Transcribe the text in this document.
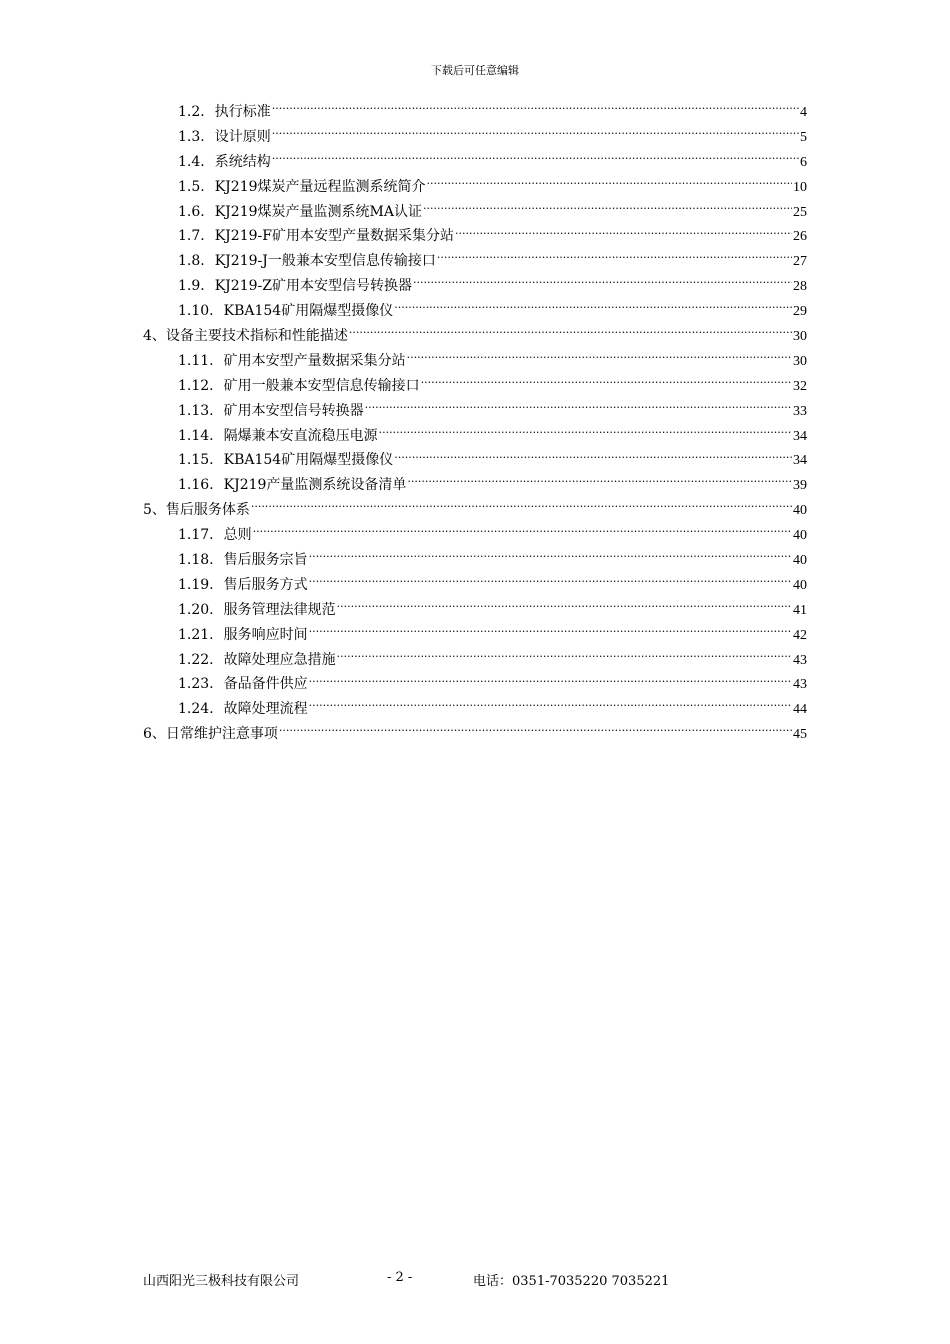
下载后可任意编辑
1.2. 执行标准 .....	4
1.3. 设计原则 .....	5
1.4. 系统结构 .....	6
1.5. KJ219煤炭产量远程监测系统简介 .....	10
1.6. KJ219煤炭产量监测系统MA认证 .....	25
1.7. KJ219-F矿用本安型产量数据采集分站 .....	26
1.8. KJ219-J一般兼本安型信息传输接口 .....	27
1.9. KJ219-Z矿用本安型信号转换器 .....	28
1.10. KBA154矿用隔爆型摄像仪 .....	29
4、 设备主要技术指标和性能描述 .....	30
1.11. 矿用本安型产量数据采集分站 .....	30
1.12. 矿用一般兼本安型信息传输接口 .....	32
1.13. 矿用本安型信号转换器 .....	33
1.14. 隔爆兼本安直流稳压电源 .....	34
1.15. KBA154矿用隔爆型摄像仪 .....	34
1.16. KJ219产量监测系统设备清单 .....	39
5、 售后服务体系 .....	40
1.17. 总则 .....	40
1.18. 售后服务宗旨 .....	40
1.19. 售后服务方式 .....	40
1.20. 服务管理法律规范 .....	41
1.21. 服务响应时间 .....	42
1.22. 故障处理应急措施 .....	43
1.23. 备品备件供应 .....	43
1.24. 故障处理流程 .....	44
6、 日常维护注意事项 .....	45
山西阳光三极科技有限公司	- 2 -	电话：0351-7035220 7035221
